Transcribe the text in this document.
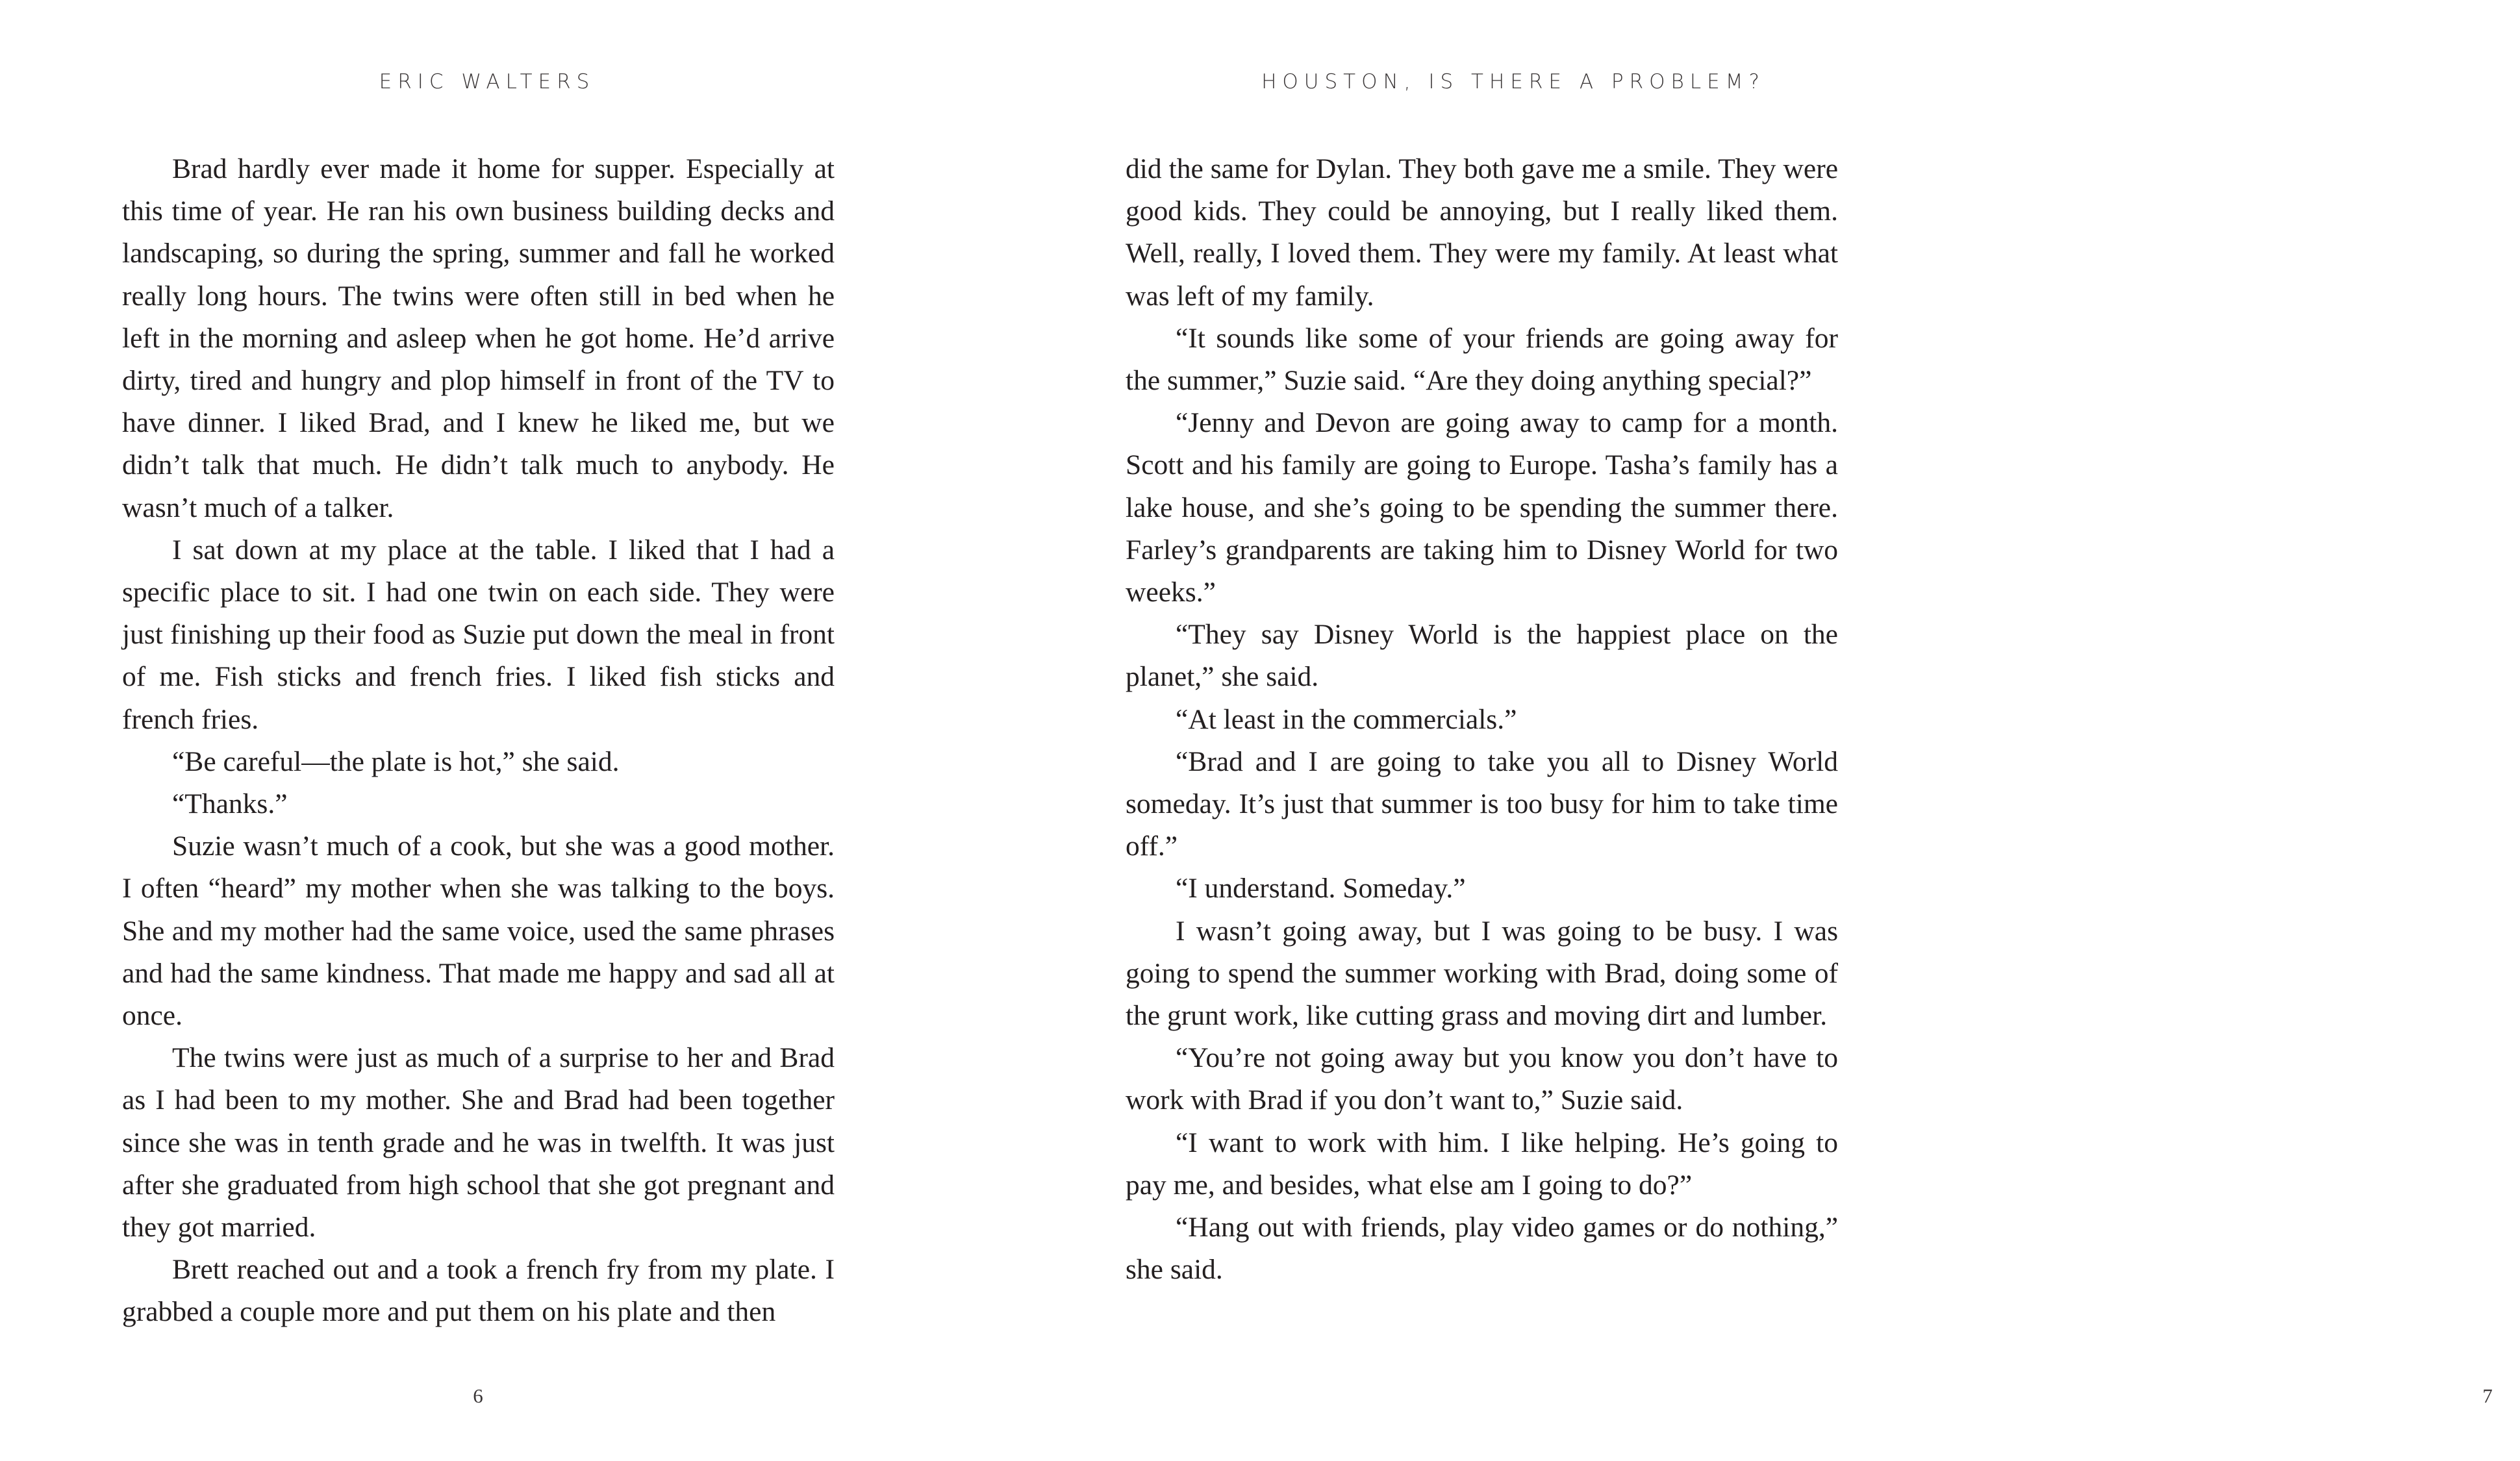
ERIC WALTERS

Brad hardly ever made it home for supper. Especially at this time of year. He ran his own business building decks and landscaping, so during the spring, summer and fall he worked really long hours. The twins were often still in bed when he left in the morning and asleep when he got home. He’d arrive dirty, tired and hungry and plop himself in front of the TV to have dinner. I liked Brad, and I knew he liked me, but we didn’t talk that much. He didn’t talk much to anybody. He wasn’t much of a talker.

I sat down at my place at the table. I liked that I had a specific place to sit. I had one twin on each side. They were just finishing up their food as Suzie put down the meal in front of me. Fish sticks and french fries. I liked fish sticks and french fries.

“Be careful—the plate is hot,” she said.

“Thanks.”

Suzie wasn’t much of a cook, but she was a good mother. I often “heard” my mother when she was talking to the boys. She and my mother had the same voice, used the same phrases and had the same kindness. That made me happy and sad all at once.

The twins were just as much of a surprise to her and Brad as I had been to my mother. She and Brad had been together since she was in tenth grade and he was in twelfth. It was just after she graduated from high school that she got pregnant and they got married.

Brett reached out and a took a french fry from my plate. I grabbed a couple more and put them on his plate and then

6
HOUSTON, IS THERE A PROBLEM?

did the same for Dylan. They both gave me a smile. They were good kids. They could be annoying, but I really liked them. Well, really, I loved them. They were my family. At least what was left of my family.

“It sounds like some of your friends are going away for the summer,” Suzie said. “Are they doing anything special?”

“Jenny and Devon are going away to camp for a month. Scott and his family are going to Europe. Tasha’s family has a lake house, and she’s going to be spending the summer there. Farley’s grandparents are taking him to Disney World for two weeks.”

“They say Disney World is the happiest place on the planet,” she said.

“At least in the commercials.”

“Brad and I are going to take you all to Disney World someday. It’s just that summer is too busy for him to take time off.”

“I understand. Someday.”

I wasn’t going away, but I was going to be busy. I was going to spend the summer working with Brad, doing some of the grunt work, like cutting grass and moving dirt and lumber.

“You’re not going away but you know you don’t have to work with Brad if you don’t want to,” Suzie said.

“I want to work with him. I like helping. He’s going to pay me, and besides, what else am I going to do?”

“Hang out with friends, play video games or do nothing,” she said.

7
